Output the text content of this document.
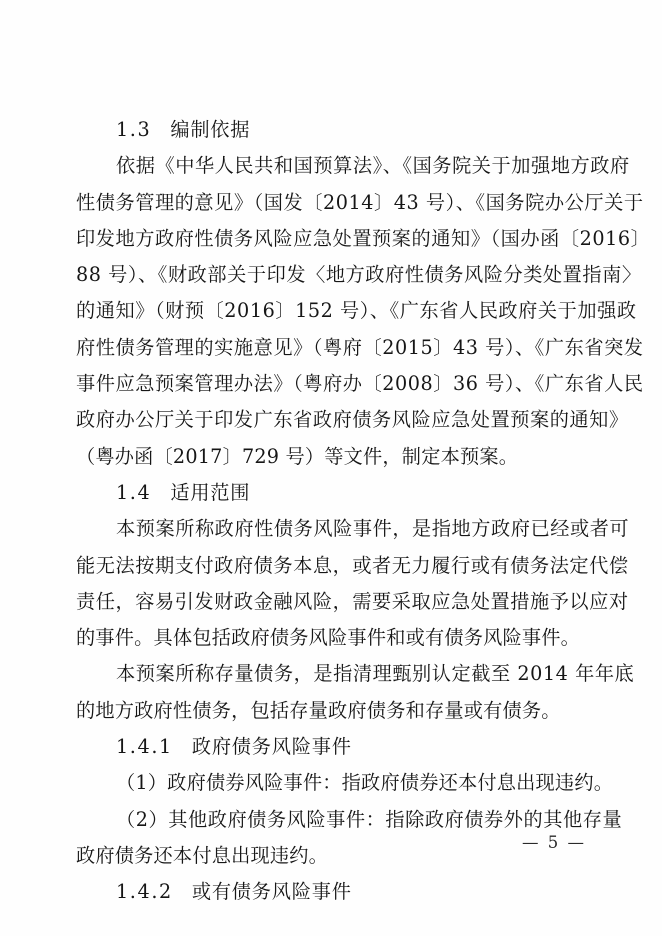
1.3 编制依据
依据《中华人民共和国预算法》、《国务院关于加强地方政府
性债务管理的意见》（国发〔2014〕43 号）、《国务院办公厅关于
印发地方政府性债务风险应急处置预案的通知》（国办函〔2016〕
88 号）、《财政部关于印发〈地方政府性债务风险分类处置指南〉
的通知》（财预〔2016〕152 号）、《广东省人民政府关于加强政
府性债务管理的实施意见》（粤府〔2015〕43 号）、《广东省突发
事件应急预案管理办法》（粤府办〔2008〕36 号）、《广东省人民
政府办公厅关于印发广东省政府债务风险应急处置预案的通知》
（粤办函〔2017〕729 号）等文件，制定本预案。
1.4 适用范围
本预案所称政府性债务风险事件，是指地方政府已经或者可
能无法按期支付政府债务本息，或者无力履行或有债务法定代偿
责任，容易引发财政金融风险，需要采取应急处置措施予以应对
的事件。具体包括政府债务风险事件和或有债务风险事件。
本预案所称存量债务，是指清理甄别认定截至 2014 年年底
的地方政府性债务，包括存量政府债务和存量或有债务。
1.4.1 政府债务风险事件
（1）政府债券风险事件：指政府债券还本付息出现违约。
（2）其他政府债务风险事件：指除政府债券外的其他存量
政府债务还本付息出现违约。
1.4.2 或有债务风险事件
— 5 —
